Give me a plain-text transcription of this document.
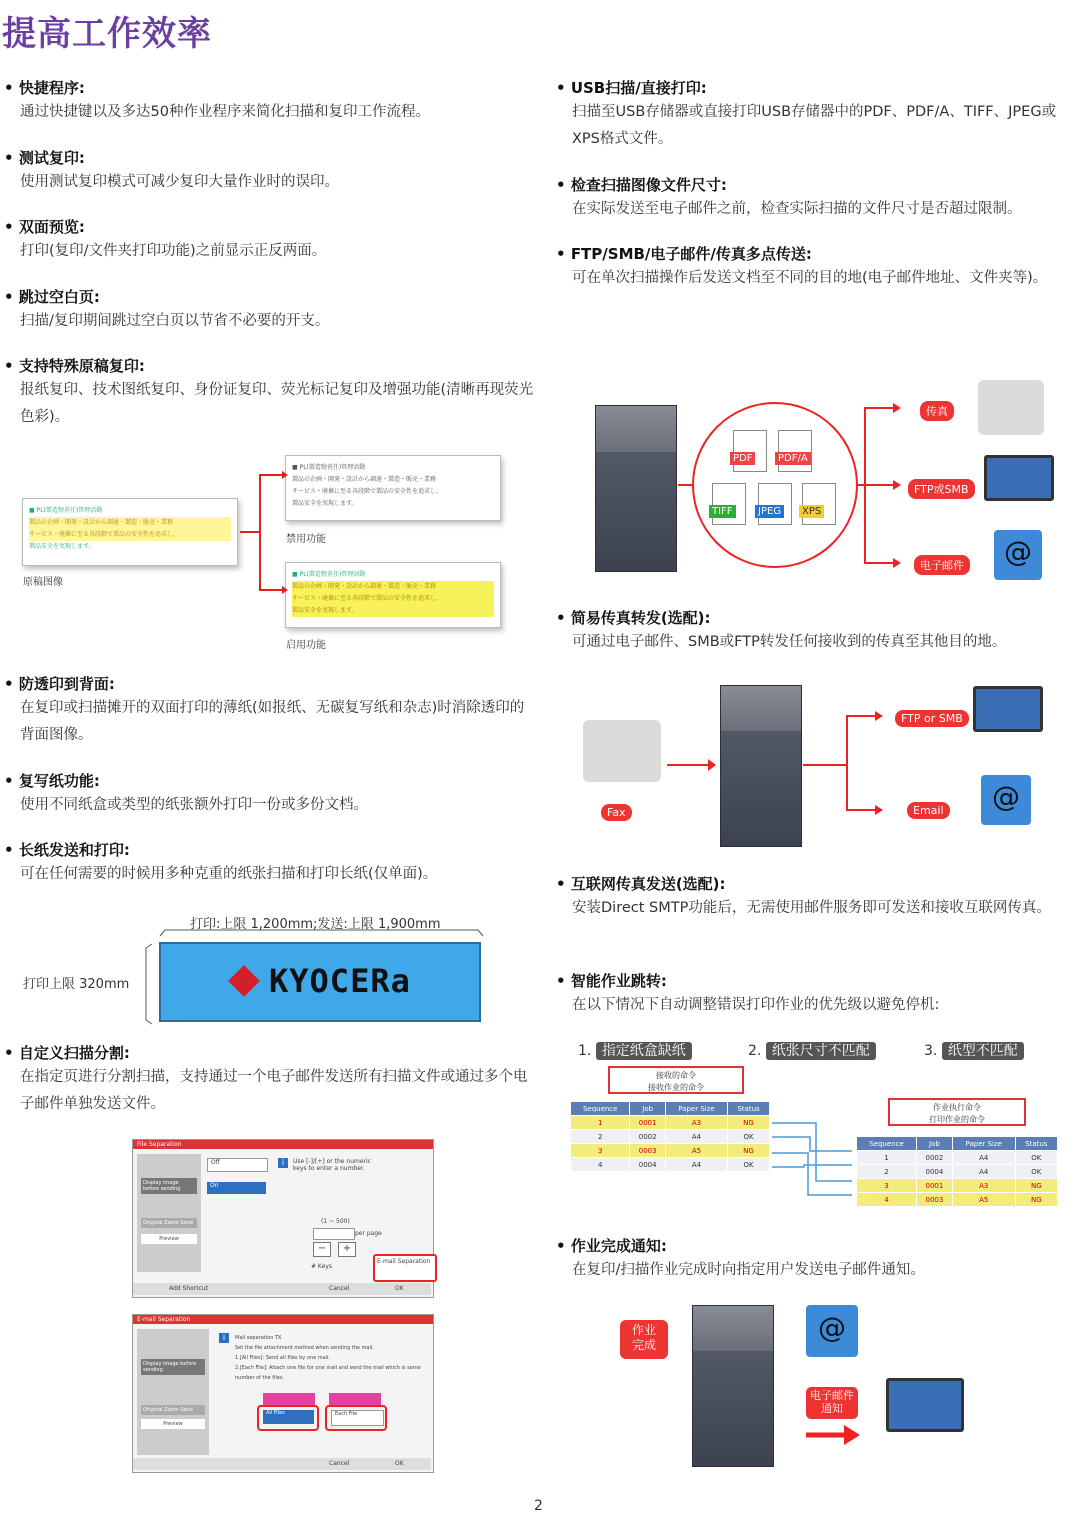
提高工作效率
• 快捷程序:
通过快捷键以及多达50种作业程序来简化扫描和复印工作流程。
• 测试复印:
使用测试复印模式可减少复印大量作业时的误印。
• 双面预览:
打印(复印/文件夹打印功能)之前显示正反两面。
• 跳过空白页:
扫描/复印期间跳过空白页以节省不必要的开支。
• 支持特殊原稿复印:
报纸复印、技术图纸复印、身份证复印、荧光标记复印及增强功能(清晰再现荧光色彩)。
■ PL(製造物責任)管理活動
製品の企画・開発・設計から調達・製造・販売・業務
サービス・廃棄に至る各段階で製品の安全性を追求し、
製品安全を実現します。
原稿图像
■ PL(製造物責任)管理活動
製品の企画・開発・設計から調達・製造・販売・業務
サービス・廃棄に至る各段階で製品の安全性を追求し、
製品安全を実現します。
禁用功能
■ PL(製造物責任)管理活動
製品の企画・開発・設計から調達・製造・販売・業務
サービス・廃棄に至る各段階で製品の安全性を追求し、
製品安全を実現します。
启用功能
• 防透印到背面:
在复印或扫描摊开的双面打印的薄纸(如报纸、无碳复写纸和杂志)时消除透印的背面图像。
• 复写纸功能:
使用不同纸盒或类型的纸张额外打印一份或多份文档。
• 长纸发送和打印:
可在任何需要的时候用多种克重的纸张扫描和打印长纸(仅单面)。
打印:上限 1,200mm;发送:上限 1,900mm
打印上限 320mm	KYOCERa
• 自定义扫描分割:
在指定页进行分割扫描，支持通过一个电子邮件发送所有扫描文件或通过多个电子邮件单独发送文件。
File Separation
Display image before sending
Original Zoom Send
Preview
Off
On
i	Use [-]/[+] or the numeric keys to enter a number.
(1 ~ 500)
per page
−	+
# Keys
E-mail Separation
Add Shortcut	Cancel	OK
E-mail Separation
Display image before sending
Original Zoom Send
Preview
i	Mail separation TX
Set the file attachment method when sending the mail.
1.[All Files]: Send all files by one mail.
2.[Each File]: Attach one file for one mail and send the mail which is same number of the files.
All Files	Each File
Cancel	OK
• USB扫描/直接打印:
扫描至USB存储器或直接打印USB存储器中的PDF、PDF/A、TIFF、JPEG或XPS格式文件。
• 检查扫描图像文件尺寸:
在实际发送至电子邮件之前，检查实际扫描的文件尺寸是否超过限制。
• FTP/SMB/电子邮件/传真多点传送:
可在单次扫描操作后发送文档至不同的目的地(电子邮件地址、文件夹等)。
PDF	PDF/A
TIFF	JPEG	XPS
传真
FTP或SMB
电子邮件	@
• 简易传真转发(选配):
可通过电子邮件、SMB或FTP转发任何接收到的传真至其他目的地。
Fax
FTP or SMB
Email	@
• 互联网传真发送(选配):
安装Direct SMTP功能后，无需使用邮件服务即可发送和接收互联网传真。
• 智能作业跳转:
在以下情况下自动调整错误打印作业的优先级以避免停机:
1. 指定纸盒缺纸	2. 纸张尺寸不匹配	3. 纸型不匹配
接收的命令
接收作业的命令
Sequence	Job	Paper Size	Status
1	0001	A3	NG
2	0002	A4	OK
3	0003	A5	NG
4	0004	A4	OK
作业执行命令
打印作业的命令
Sequence	Job	Paper Size	Status
1	0002	A4	OK
2	0004	A4	OK
3	0001	A3	NG
4	0003	A5	NG
• 作业完成通知:
在复印/扫描作业完成时向指定用户发送电子邮件通知。
作业
完成
@
电子邮件
通知
2
